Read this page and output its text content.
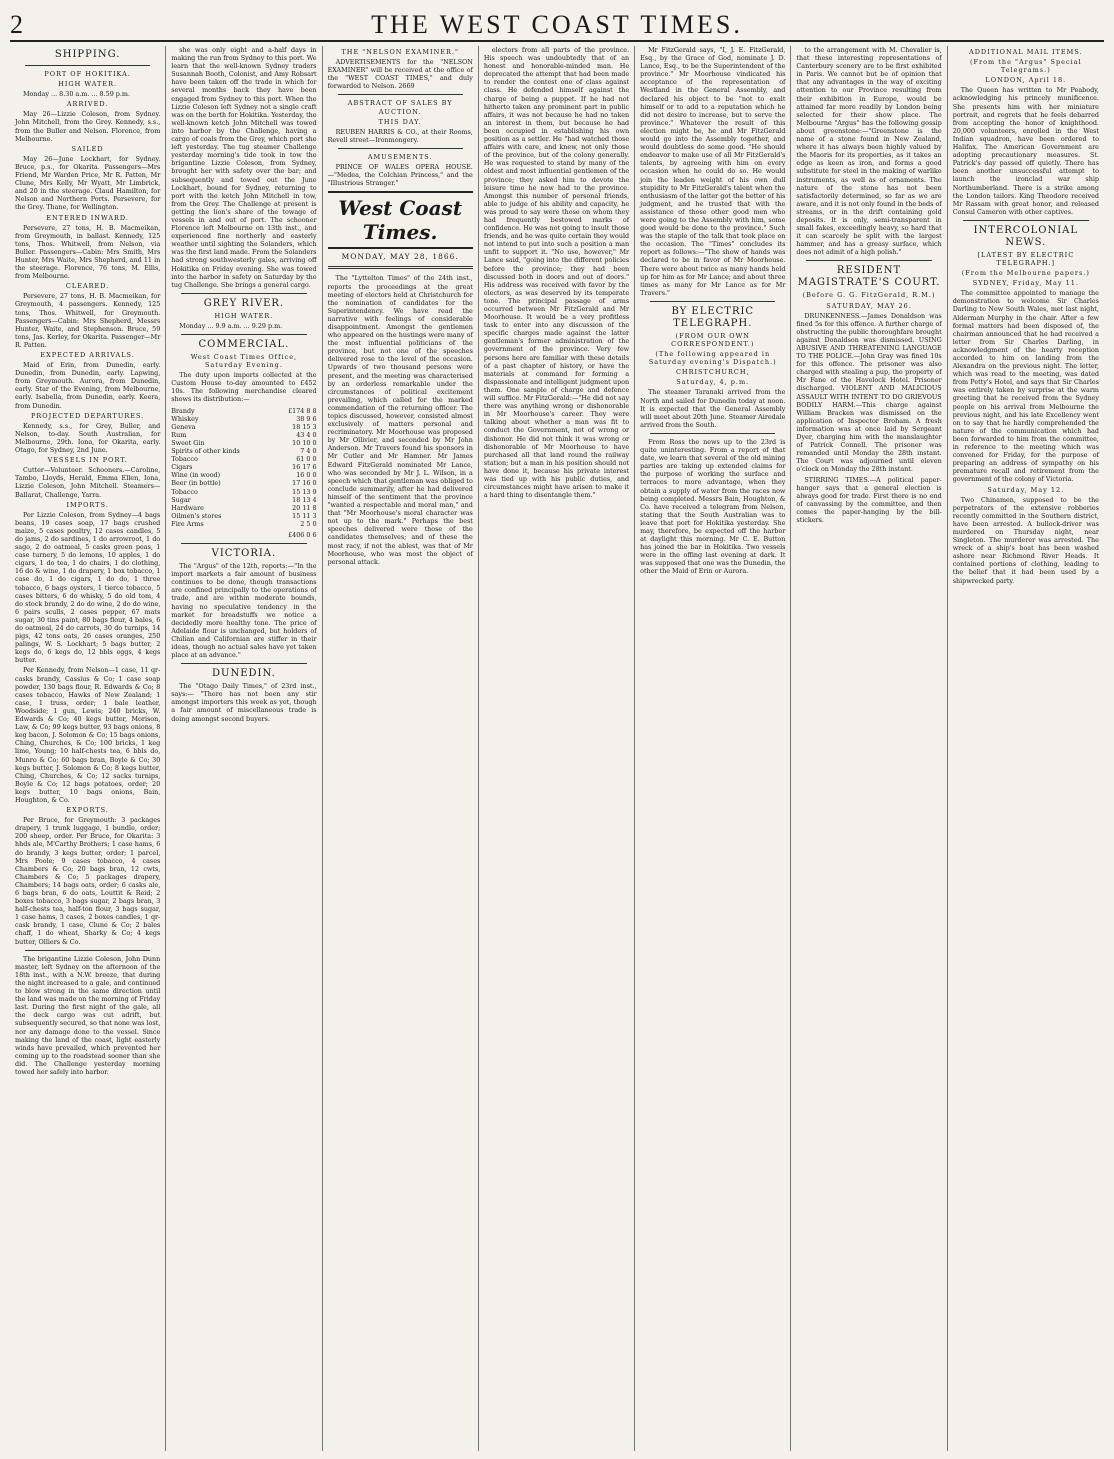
2	THE WEST COAST TIMES.
SHIPPING.
PORT OF HOKITIKA.
HIGH WATER.
Monday ... 8.30 a.m. ... 8.59 p.m.
ARRIVED.
May 26—Lizzie Coleson, from Sydney. John Mitchell, from the Grey. Kennedy, s.s., from the Buller and Nelson. Florence, from Melbourne.
SAILED
May 26—June Lockhart, for Sydney. Bruce, p.s., for Okarita. Passengers—Mrs Friend, Mr Warden Price, Mr R. Patten, Mr Clune, Mrs Kelly, Mr Wyatt, Mr Limbrick, and 20 in the steerage. Claud Hamilton, for Nelson and Northern Ports. Persevere, for the Grey. Thane, for Wellington.
ENTERED INWARD.
Persevere, 27 tons, H. B. Macmeikan, from Greymouth, in ballast. Kennedy, 125 tons, Thos. Whitwell, from Nelson, via Buller. Passengers—Cabin: Mrs Smith, Mrs Hunter, Mrs Waite, Mrs Shepherd, and 11 in the steerage. Florence, 76 tons, M. Ellis, from Melbourne.
CLEARED.
Persevere, 27 tons, H. B. Macmeikan, for Greymouth, 4 passengers. Kennedy, 125 tons, Thos. Whitwell, for Greymouth. Passengers—Cabin: Mrs Shepherd, Messrs Hunter, Waite, and Stephenson. Bruce, 59 tons, Jas. Kerley, for Okarita. Passenger—Mr R. Patten.
EXPECTED ARRIVALS.
Maid of Erin, from Dunedin, early. Dunedin, from Dunedin, early. Lapwing, from Greymouth. Aurora, from Dunedin, early. Star of the Evening, from Melbourne, early. Isabella, from Dunedin, early. Keera, from Dunedin.
PROJECTED DEPARTURES.
Kennedy, s.s., for Grey, Buller, and Nelson, to-day. South Australian, for Melbourne, 29th. Iona, for Okarita, early. Otago, for Sydney, 2nd June.
VESSELS IN PORT.
Cutter—Volunteer. Schooners.—Caroline, Tambo, Lloyds, Herald, Emma Ellen, Iona, Lizzie Coleson, John Mitchell. Steamers—Ballarat, Challenge, Yarra.
IMPORTS.
Per Lizzie Coleson, from Sydney—4 bags beans, 19 cases soap, 17 bags crushed maize, 5 cases poultry, 12 cases candles, 5 do jams, 2 do sardines, 1 do arrowroot, 1 do sago, 2 do oatmeal, 5 casks green peas, 1 case turnery, 5 do lemons, 10 apples, 1 do cigars, 1 do tea, 1 do chairs, 1 do clothing, 16 do & wine, 1 do drapery, 1 box tobacco, 1 case do, 1 do cigars, 1 do do, 1 three tobacco, 6 bags oysters, 1 tierce tobacco, 5 cases bitters, 6 do whisky, 5 do old tom, 4 do stock brandy, 2 do do wine, 2 do do wine, 6 pairs sculls, 2 cases pepper, 67 mats sugar, 30 tins paint, 80 bags flour, 4 bales, 6 do oatmeal, 24 do carrots, 30 do turnips, 14 pigs, 42 tons oats, 26 cases oranges, 250 palings, W. S. Lockhart; 5 bags butter, 2 kegs do, 6 kegs do, 12 bbls eggs, 4 kegs butter.
Per Kennedy, from Nelson—1 case, 11 qr-casks brandy, Cassius & Co; 1 case soap powder, 130 bags flour, R. Edwards & Co; 8 cases tobacco, Hawks of New Zealand; 1 case, 1 truss, order; 1 bale leather, Woodside; 1 gun, Lewis; 240 bricks, W. Edwards & Co; 40 kegs butter, Morison, Law, & Co; 99 kegs butter, 93 bags onions, 8 keg bacon, J. Solomon & Co; 15 bags onions, Ching, Churches, & Co; 100 bricks, 1 keg lime, Young; 10 half-chests tea, 6 bbls do, Munro & Co; 60 bags bran, Boyle & Co; 30 kegs butter, J. Solomon & Co; 8 kegs butter, Ching, Churches, & Co; 12 sacks turnips, Boyle & Co; 12 bags potatoes, order; 20 kegs butter, 10 bags onions, Bain, Houghton, & Co.
EXPORTS.
Per Bruce, for Greymouth: 3 packages drapery, 1 trunk luggage, 1 bundle, order; 200 sheep, order. Per Bruce, for Okarita: 3 hhds ale, M'Carthy Brothers; 1 case hams, 6 do brandy, 3 kegs butter, order; 1 parcel, Mrs Poole; 9 cases tobacco, 4 cases Chambers & Co; 20 bags bran, 12 cwts, Chambers & Co; 5 packages drapery, Chambers; 14 bags oats, order; 6 casks ale, 6 bags bran, 6 do oats, Louttit & Reid; 2 boxes tobacco, 3 bags sugar, 2 bags bran, 3 half-chests tea, half-ton flour, 3 bags sugar, 1 case hams, 3 cases, 2 boxes candles, 1 qr-cask brandy, 1 case, Clune & Co; 2 bales chaff, 1 do wheat, Sharky & Co; 4 kegs butter, Olliers & Co.
The brigantine Lizzie Coleson, John Dunn master, left Sydney on the afternoon of the 18th inst., with a N.W. breeze, that during the night increased to a gale, and continued to blow strong in the same direction until the land was made on the morning of Friday last. During the first night of the gale, all the deck cargo was cut adrift, but subsequently secured, so that none was lost, nor any damage done to the vessel. Since making the land of the coast, light easterly winds have prevailed, which prevented her coming up to the roadstead sooner than she did. The Challenge yesterday morning towed her safely into harbor.
she was only eight and a-half days in making the run from Sydney to this port. We learn that the well-known Sydney traders Susannah Booth, Colonist, and Amy Robsart have been taken off the trade in which for several months back they have been engaged from Sydney to this port. When the Lizzie Coleson left Sydney not a single craft was on the berth for Hokitika. Yesterday, the well-known ketch John Mitchell was towed into harbor by the Challenge, having a cargo of coals from the Grey, which port she left yesterday. The tug steamer Challenge yesterday morning's tide took in tow the brigantine Lizzie Coleson, from Sydney, brought her with safety over the bar; and subsequently and towed out the June Lockhart, bound for Sydney, returning to port with the ketch John Mitchell in tow, from the Grey. The Challenge at present is getting the lion's share of the towage of vessels in and out of port. The schooner Florence left Melbourne on 13th inst., and experienced fine northerly and easterly weather until sighting the Solanders, which was the first land made. From the Solanders had strong southwesterly gales, arriving off Hokitika on Friday evening. She was towed into the harbor in safety on Saturday by the tug Challenge. She brings a general cargo.
GREY RIVER.
HIGH WATER.
Monday ... 9.9 a.m. ... 9.29 p.m.
COMMERCIAL.
West Coast Times Office, Saturday Evening.
The duty upon imports collected at the Custom House to-day amounted to £452 10s. The following merchandise cleared shows its distribution:—
Brandy	£174 8 8
Whiskey	38 9 6
Geneva	18 15 3
Rum	43 4 0
Sweet Gin	10 10 0
Spirits of other kinds	7 4 0
Tobacco	61 0 0
Cigars	16 17 6
Wine (in wood)	16 0 0
Beer (in bottle)	17 16 0
Tobacco	15 13 9
Sugar	18 13 4
Hardware	20 11 8
Oilmen's stores	15 11 3
Fire Arms	2 5 0
£406 0 6
VICTORIA.
The "Argus" of the 12th, reports:—"In the import markets a fair amount of business continues to be done, though transactions are confined principally to the operations of trade, and are within moderate bounds, having no speculative tendency in the market for breadstuffs we notice a decidedly more healthy tone. The price of Adelaide flour is unchanged, but holders of Chilian and Californian are stiffer in their ideas, though no actual sales have yet taken place at an advance."
DUNEDIN.
The "Otago Daily Times," of 23rd inst., says:— "There has not been any stir amongst importers this week as yet, though a fair amount of miscellaneous trade is doing amongst second buyers.
THE "NELSON EXAMINER."
ADVERTISEMENTS for the "NELSON EXAMINER" will be received at the office of the "WEST COAST TIMES," and duly forwarded to Nelson. 2669
ABSTRACT OF SALES BY AUCTION.
THIS DAY.
REUBEN HARRIS & CO., at their Rooms, Revell street—Ironmongery.
AMUSEMENTS.
PRINCE OF WALES OPERA HOUSE.—"Medea, the Colchian Princess," and the "Illustrious Stranger."
West Coast Times.
MONDAY, MAY 28, 1866.
The "Lyttelton Times" of the 24th inst., reports the proceedings at the great meeting of electors held at Christchurch for the nomination of candidates for the Superintendency. We have read the narrative with feelings of considerable disappointment. Amongst the gentlemen who appeared on the hustings were many of the most influential politicians of the province, but not one of the speeches delivered rose to the level of the occasion. Upwards of two thousand persons were present, and the meeting was characterised by an orderless remarkable under the circumstances of political excitement prevailing, which called for the marked commendation of the returning officer. The topics discussed, however, consisted almost exclusively of matters personal and recriminatory. Mr Moorhouse was proposed by Mr Ollivier, and seconded by Mr John Anderson. Mr Travers found his sponsors in Mr Cutler and Mr Hamner. Mr James Edward FitzGerald nominated Mr Lance, who was seconded by Mr J. L. Wilson, in a speech which that gentleman was obliged to conclude summarily, after he had delivered himself of the sentiment that the province "wanted a respectable and moral man," and that "Mr Moorhouse's moral character was not up to the mark." Perhaps the best speeches delivered were those of the candidates themselves; and of these the most racy, if not the ablest, was that of Mr Moorhouse, who was most the object of personal attack.
electors from all parts of the province. His speech was undoubtedly that of an honest and honorable-minded man. He deprecated the attempt that had been made to render the contest one of class against class. He defended himself against the charge of being a puppet. If he had not hitherto taken any prominent part in public affairs, it was not because he had no taken an interest in them, but because he had been occupied in establishing his own position as a settler. He "had watched those affairs with care, and knew, not only those of the province, but of the colony generally. He was requested to stand by many of the oldest and most influential gentlemen of the province; they asked him to devote the leisure time he now had to the province. Amongst this number of personal friends, able to judge of his ability and capacity, he was proud to say were those on whom they had frequently bestowed marks of confidence. He was not going to insult those friends, and he was quite certain they would not intend to put into such a position a man unfit to support it. "No use, however," Mr Lance said, "going into the different policies before the province; they had been discussed both in doors and out of doors." His address was received with favor by the electors, as was deserved by its temperate tone. The principal passage of arms occurred between Mr FitzGerald and Mr Moorhouse. It would be a very profitless task to enter into any discussion of the specific charges made against the latter gentleman's former administration of the government of the province. Very few persons here are familiar with these details of a past chapter of history, or have the materials at command for forming a dispassionate and intelligent judgment upon them. One sample of charge and defence will suffice. Mr FitzGerald:—"He did not say there was anything wrong or dishonorable in Mr Moorhouse's career. They were talking about whether a man was fit to conduct the Government, not of wrong or dishonor. He did not think it was wrong or dishonorable of Mr Moorhouse to have purchased all that land round the railway station; but a man in his position should not have done it, because his private interest was tied up with his public duties, and circumstances might have arisen to make it a hard thing to disentangle them."
Mr FitzGerald says, "I, J. E. FitzGerald, Esq., by the Grace of God, nominate J. D. Lance, Esq., to be the Superintendent of the province." Mr Moorhouse vindicated his acceptance of the representation of Westland in the General Assembly, and declared his object to be "not to exalt himself or to add to a reputation which he did not desire to increase, but to serve the province." Whatever the result of this election might be, he and Mr FitzGerald would go into the Assembly together, and would doubtless do some good. "He should endeavor to make use of all Mr FitzGerald's talents, by agreeing with him on every occasion when he could do so. He would join the leaden weight of his own dull stupidity to Mr FitzGerald's talent when the enthusiasm of the latter got the better of his judgment, and he trusted that with the assistance of those other good men who were going to the Assembly with him, some good would be done to the province." Such was the staple of the talk that took place on the occasion. The "Times" concludes its report as follows:—"The show of hands was declared to be in favor of Mr Moorhouse. There were about twice as many hands held up for him as for Mr Lance; and about three times as many for Mr Lance as for Mr Travers."
BY ELECTRIC TELEGRAPH.
(FROM OUR OWN CORRESPONDENT.)
(The following appeared in Saturday evening's Dispatch.)
CHRISTCHURCH,
Saturday, 4, p.m.
The steamer Taranaki arrived from the North and sailed for Dunedin today at noon. It is expected that the General Assembly will meet about 20th June. Steamer Airedale arrived from the South.
From Ross the news up to the 23rd is quite uninteresting. From a report of that date, we learn that several of the old mining parties are taking up extended claims for the purpose of working the surface and terraces to more advantage, when they obtain a supply of water from the races now being completed. Messrs Bain, Houghton, & Co. have received a telegram from Nelson, stating that the South Australian was to leave that port for Hokitika yesterday. She may, therefore, be expected off the harbor at daylight this morning. Mr C. E. Button has joined the bar in Hokitika. Two vessels were in the offing last evening at dark. It was supposed that one was the Dunedin, the other the Maid of Erin or Aurora.
to the arrangement with M. Chevalier is, that these interesting representations of Canterbury scenery are to be first exhibited in Paris. We cannot but be of opinion that that any advantages in the way of exciting attention to our Province resulting from their exhibition in Europe, would be attained far more readily by London being selected for their show place. The Melbourne "Argus" has the following gossip about greenstone:—"Greenstone is the name of a stone found in New Zealand, where it has always been highly valued by the Maoris for its properties, as it takes an edge as keen as iron, and forms a good substitute for steel in the making of warlike instruments, as well as of ornaments. The nature of the stone has not been satisfactorily determined, so far as we are aware, and it is not only found in the beds of streams, or in the drift containing gold deposits. It is only, semi-transparent in small fakes, exceedingly heavy, so hard that it can scarcely be split with the largest hammer, and has a greasy surface, which does not admit of a high polish."
RESIDENT MAGISTRATE'S COURT.
(Before G. G. FitzGerald, R.M.)
SATURDAY, MAY 26.
DRUNKENNESS.—James Donaldson was fined 5s for this offence. A further charge of obstructing the public thoroughfare brought against Donaldson was dismissed. USING ABUSIVE AND THREATENING LANGUAGE TO THE POLICE.—John Gray was fined 10s for this offence. The prisoner was also charged with stealing a pup, the property of Mr Fane of the Havelock Hotel. Prisoner discharged. VIOLENT AND MALICIOUS ASSAULT WITH INTENT TO DO GRIEVOUS BODILY HARM.—This charge against William Bracken was dismissed on the application of Inspector Broham. A fresh information was at once laid by Sergeant Dyer, charging him with the manslaughter of Patrick Connell. The prisoner was remanded until Monday the 28th instant. The Court was adjourned until eleven o'clock on Monday the 28th instant.
STIRRING TIMES.—A political paper-hanger says that a general election is always good for trade. First there is no end of canvassing by the committee, and then comes the paper-hanging by the bill-stickers.
ADDITIONAL MAIL ITEMS.
(From the "Argus" Special Telegrams.)
LONDON, April 18.
The Queen has written to Mr Peabody, acknowledging his princely munificence. She presents him with her miniature portrait, and regrets that he feels debarred from accepting the honor of knighthood. 20,000 volunteers, enrolled in the West Indian squadron, have been ordered to Halifax. The American Government are adopting precautionary measures. St. Patrick's day passed off quietly. There has been another unsuccessful attempt to launch the ironclad war ship Northumberland. There is a strike among the London tailors. King Theodore received Mr Rassam with great honor, and released Consul Cameron with other captives.
INTERCOLONIAL NEWS.
[LATEST BY ELECTRIC TELEGRAPH.]
(From the Melbourne papers.)
SYDNEY, Friday, May 11.
The committee appointed to manage the demonstration to welcome Sir Charles Darling to New South Wales, met last night, Alderman Murphy in the chair. After a few formal matters had been disposed of, the chairman announced that he had received a letter from Sir Charles Darling, in acknowledgment of the hearty reception accorded to him on landing from the Alexandra on the previous night. The letter, which was read to the meeting, was dated from Petty's Hotel, and says that Sir Charles was entirely taken by surprise at the warm greeting that he received from the Sydney people on his arrival from Melbourne the previous night, and his late Excellency went on to say that he hardly comprehended the nature of the communication which had been forwarded to him from the committee, in reference to the meeting which was convened for Friday, for the purpose of preparing an address of sympathy on his premature recall and retirement from the government of the colony of Victoria.
Saturday, May 12.
Two Chinamen, supposed to be the perpetrators of the extensive robberies recently committed in the Southern district, have been arrested. A bullock-driver was murdered on Thursday night, near Singleton. The murderer was arrested. The wreck of a ship's boat has been washed ashore near Richmond River Heads. It contained portions of clothing, leading to the belief that it had been used by a shipwrecked party.
